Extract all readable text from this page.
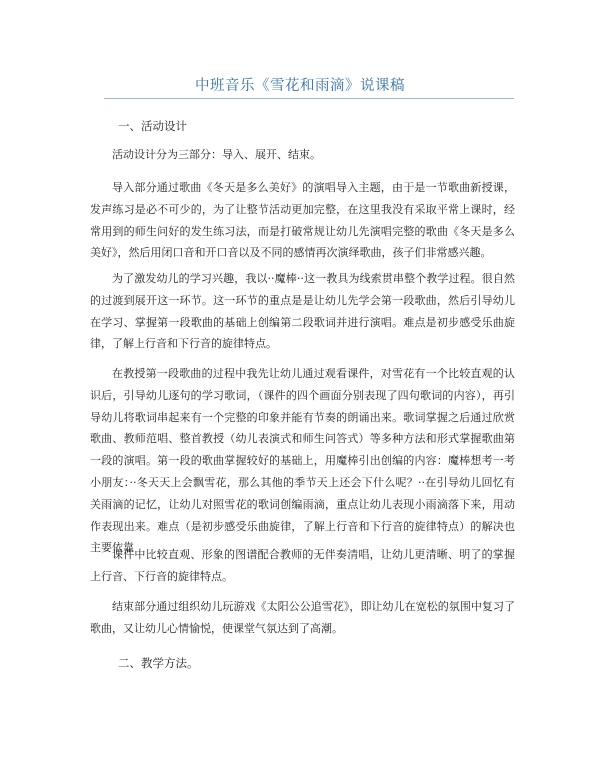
中班音乐《雪花和雨滴》说课稿
一、活动设计

活动设计分为三部分：导入、展开、结束。

导入部分通过歌曲《冬天是多么美好》的演唱导入主题，由于是一节歌曲新授课，发声练习是必不可少的，为了让整节活动更加完整，在这里我没有采取平常上课时，经常用到的师生问好的发生练习法，而是打破常规让幼儿先演唱完整的歌曲《冬天是多么美好》，然后用闭口音和开口音以及不同的感情再次演绎歌曲，孩子们非常感兴趣。

为了激发幼儿的学习兴趣，我以··魔棒··这一教具为线索贯串整个教学过程。很自然的过渡到展开这一环节。这一环节的重点是是让幼儿先学会第一段歌曲，然后引导幼儿在学习、掌握第一段歌曲的基础上创编第二段歌词并进行演唱。难点是初步感受乐曲旋律，了解上行音和下行音的旋律特点。

在教授第一段歌曲的过程中我先让幼儿通过观看课件，对雪花有一个比较直观的认识后，引导幼儿逐句的学习歌词，（课件的四个画面分别表现了四句歌词的内容），再引导幼儿将歌词串起来有一个完整的印象并能有节奏的朗诵出来。歌词掌握之后通过欣赏歌曲、教师范唱、整首教授（幼儿表演式和师生问答式）等多种方法和形式掌握歌曲第一段的演唱。第一段的歌曲掌握较好的基础上，用魔棒引出创编的内容：魔棒想考一考小朋友：··冬天天上会飘雪花，那么其他的季节天上还会下什么呢？··在引导幼儿回忆有关雨滴的记忆，让幼儿对照雪花的歌词创编雨滴，重点让幼儿表现小雨滴落下来，用动作表现出来。难点（是初步感受乐曲旋律，了解上行音和下行音的旋律特点）的解决也主要依靠

课件中比较直观、形象的图谱配合教师的无伴奏清唱，让幼儿更清晰、明了的掌握上行音、下行音的旋律特点。

结束部分通过组织幼儿玩游戏《太阳公公追雪花》，即让幼儿在宽松的氛围中复习了歌曲，又让幼儿心情愉悦，使课堂气氛达到了高潮。

二、教学方法。
